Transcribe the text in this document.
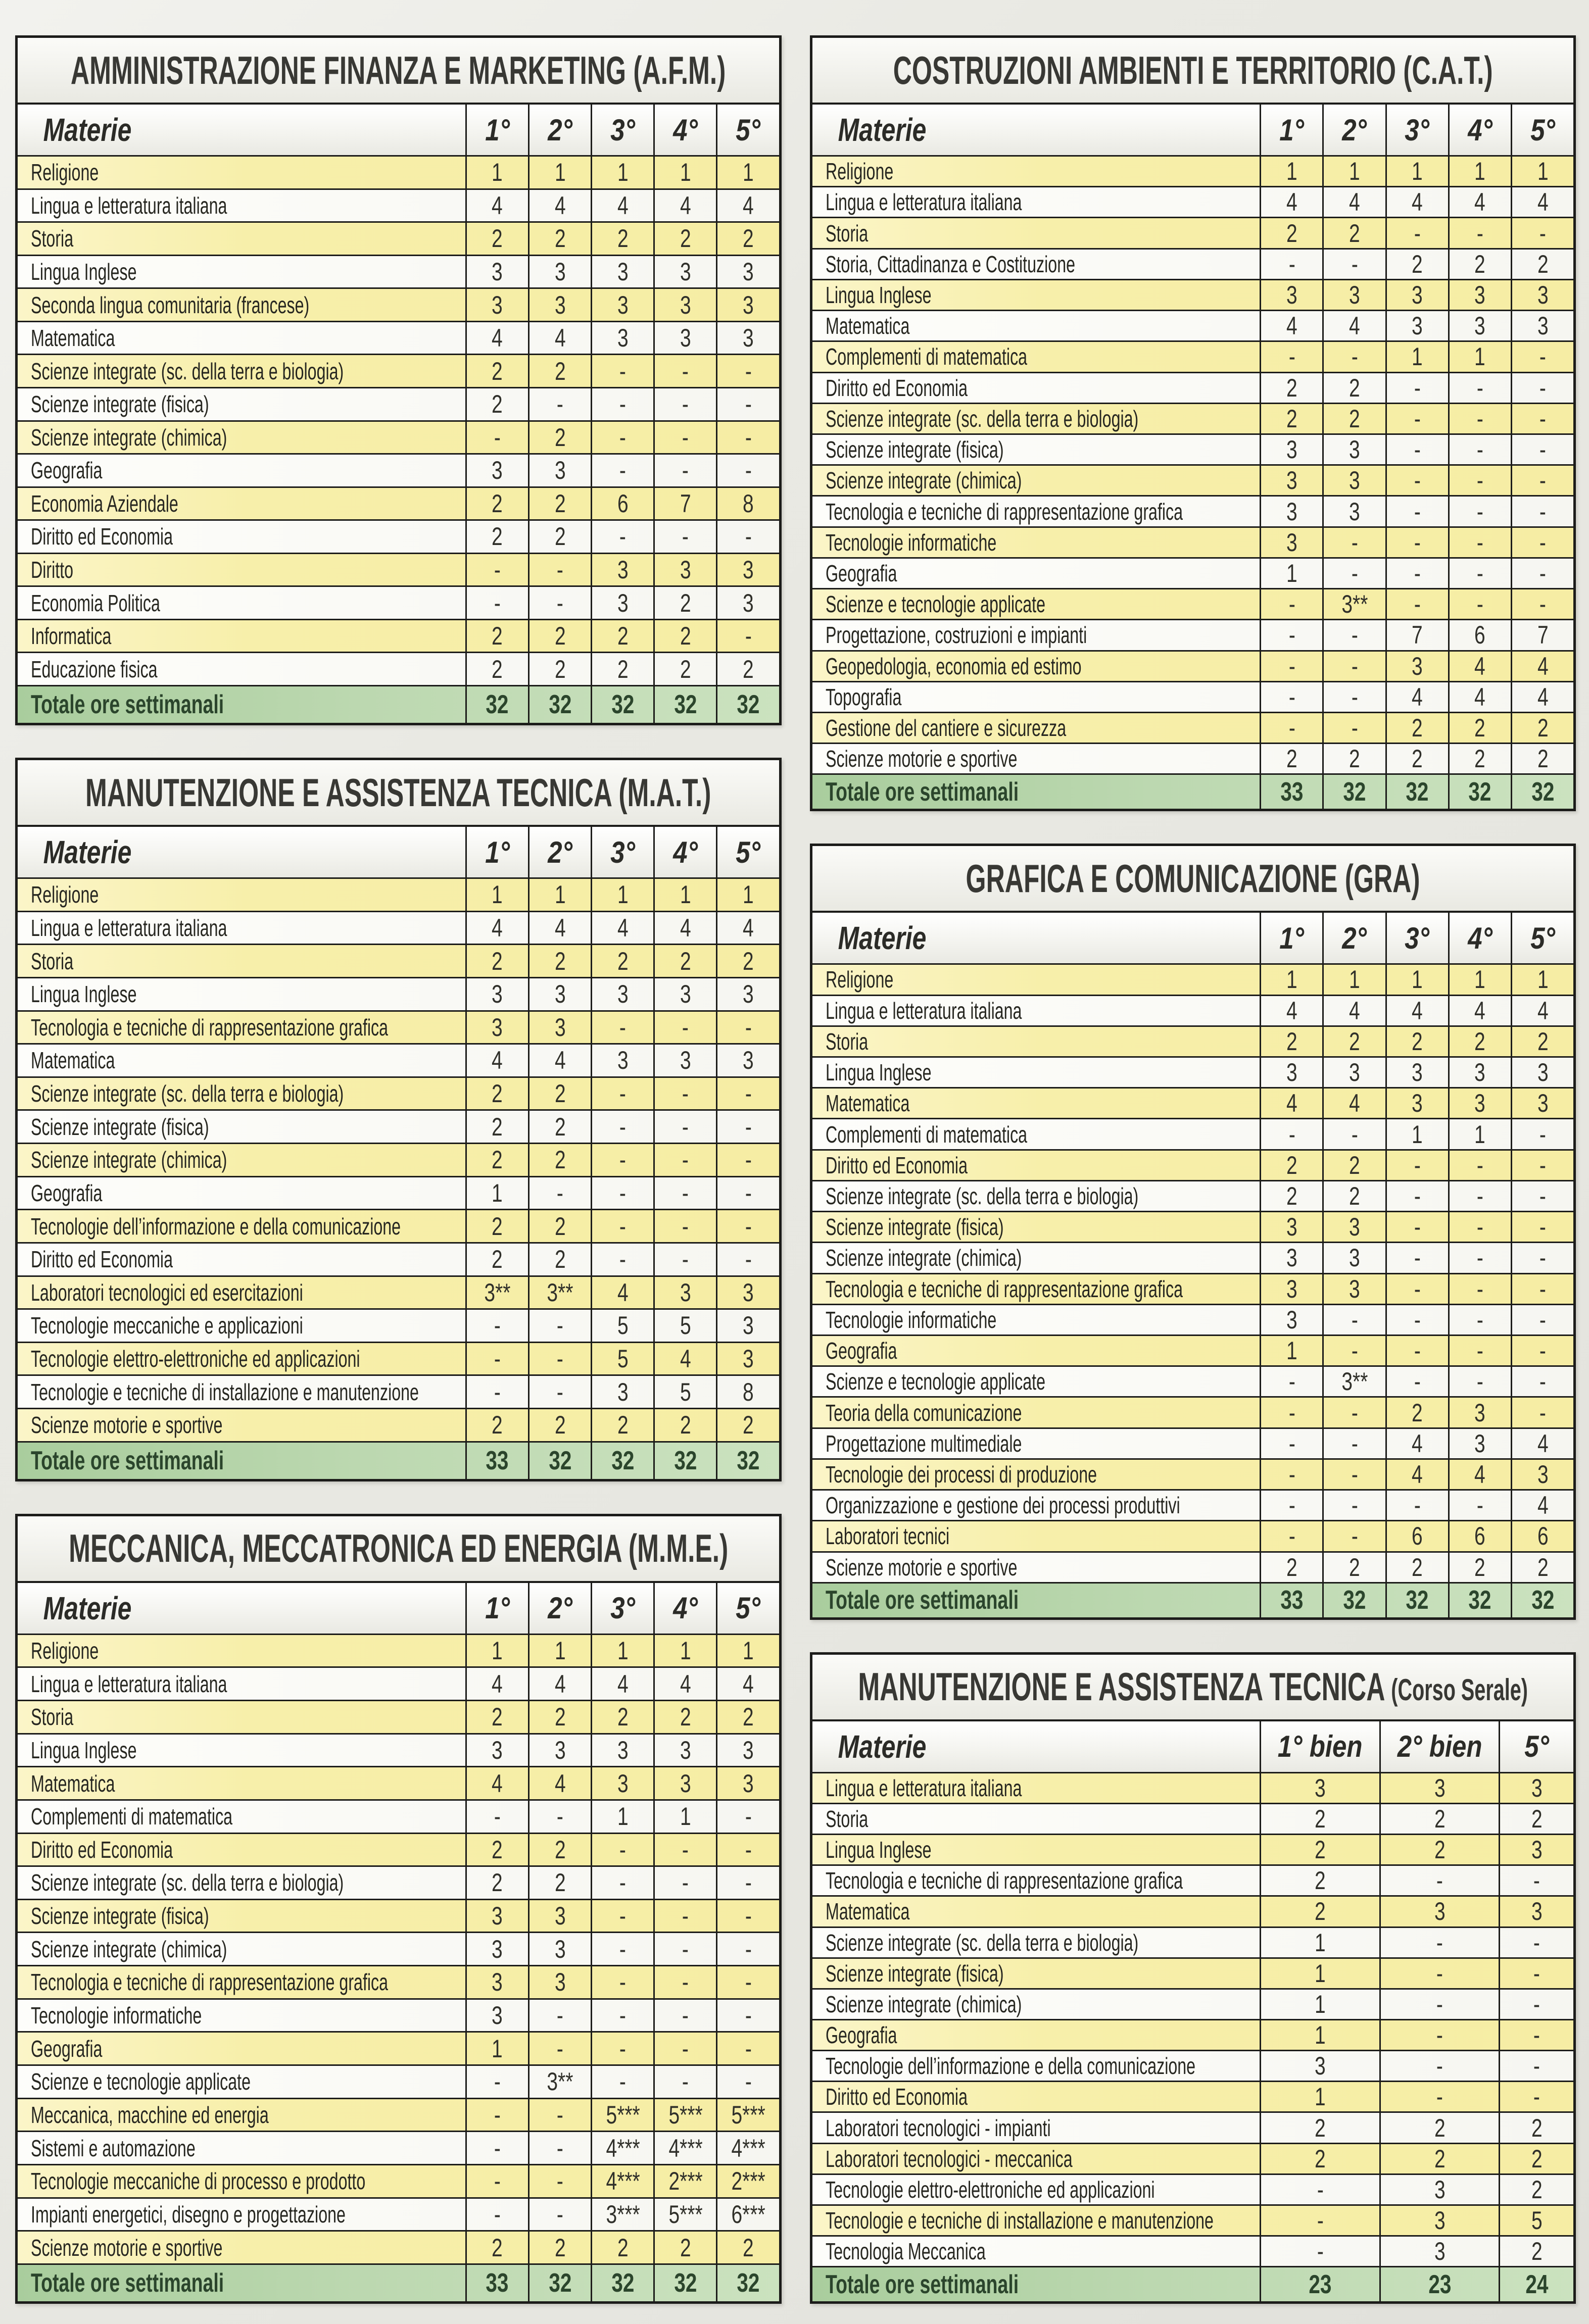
AMMINISTRAZIONE FINANZA E MARKETING (A.F.M.)
Materie	1° 2° 3° 4° 5°
Religione	1 1 1 1 1
Lingua e letteratura italiana	4 4 4 4 4
Storia	2 2 2 2 2
Lingua Inglese	3 3 3 3 3
Seconda lingua comunitaria (francese)	3 3 3 3 3
Matematica	4 4 3 3 3
Scienze integrate (sc. della terra e biologia)	2 2 - - -
Scienze integrate (fisica)	2 - - - -
Scienze integrate (chimica)	- 2 - - -
Geografia	3 3 - - -
Economia Aziendale	2 2 6 7 8
Diritto ed Economia	2 2 - - -
Diritto	- - 3 3 3
Economia Politica	- - 3 2 3
Informatica	2 2 2 2 -
Educazione fisica	2 2 2 2 2
Totale ore settimanali	32 32 32 32 32
MANUTENZIONE E ASSISTENZA TECNICA (M.A.T.)
Materie	1° 2° 3° 4° 5°
Religione	1 1 1 1 1
Lingua e letteratura italiana	4 4 4 4 4
Storia	2 2 2 2 2
Lingua Inglese	3 3 3 3 3
Tecnologia e tecniche di rappresentazione grafica	3 3 - - -
Matematica	4 4 3 3 3
Scienze integrate (sc. della terra e biologia)	2 2 - - -
Scienze integrate (fisica)	2 2 - - -
Scienze integrate (chimica)	2 2 - - -
Geografia	1 - - - -
Tecnologie dell’informazione e della comunicazione	2 2 - - -
Diritto ed Economia	2 2 - - -
Laboratori tecnologici ed esercitazioni	3** 3** 4 3 3
Tecnologie meccaniche e applicazioni	- - 5 5 3
Tecnologie elettro-elettroniche ed applicazioni	- - 5 4 3
Tecnologie e tecniche di installazione e manutenzione	- - 3 5 8
Scienze motorie e sportive	2 2 2 2 2
Totale ore settimanali	33 32 32 32 32
MECCANICA, MECCATRONICA ED ENERGIA (M.M.E.)
Materie	1° 2° 3° 4° 5°
Religione	1 1 1 1 1
Lingua e letteratura italiana	4 4 4 4 4
Storia	2 2 2 2 2
Lingua Inglese	3 3 3 3 3
Matematica	4 4 3 3 3
Complementi di matematica	- - 1 1 -
Diritto ed Economia	2 2 - - -
Scienze integrate (sc. della terra e biologia)	2 2 - - -
Scienze integrate (fisica)	3 3 - - -
Scienze integrate (chimica)	3 3 - - -
Tecnologia e tecniche di rappresentazione grafica	3 3 - - -
Tecnologie informatiche	3 - - - -
Geografia	1 - - - -
Scienze e tecnologie applicate	- 3** - - -
Meccanica, macchine ed energia	- - 5*** 5*** 5***
Sistemi e automazione	- - 4*** 4*** 4***
Tecnologie meccaniche di processo e prodotto	- - 4*** 2*** 2***
Impianti energetici, disegno e progettazione	- - 3*** 5*** 6***
Scienze motorie e sportive	2 2 2 2 2
Totale ore settimanali	33 32 32 32 32
COSTRUZIONI AMBIENTI E TERRITORIO (C.A.T.)
Materie	1° 2° 3° 4° 5°
Religione	1 1 1 1 1
Lingua e letteratura italiana	4 4 4 4 4
Storia	2 2 - - -
Storia, Cittadinanza e Costituzione	- - 2 2 2
Lingua Inglese	3 3 3 3 3
Matematica	4 4 3 3 3
Complementi di matematica	- - 1 1 -
Diritto ed Economia	2 2 - - -
Scienze integrate (sc. della terra e biologia)	2 2 - - -
Scienze integrate (fisica)	3 3 - - -
Scienze integrate (chimica)	3 3 - - -
Tecnologia e tecniche di rappresentazione grafica	3 3 - - -
Tecnologie informatiche	3 - - - -
Geografia	1 - - - -
Scienze e tecnologie applicate	- 3** - - -
Progettazione, costruzioni e impianti	- - 7 6 7
Geopedologia, economia ed estimo	- - 3 4 4
Topografia	- - 4 4 4
Gestione del cantiere e sicurezza	- - 2 2 2
Scienze motorie e sportive	2 2 2 2 2
Totale ore settimanali	33 32 32 32 32
GRAFICA E COMUNICAZIONE (GRA)
Materie	1° 2° 3° 4° 5°
Religione	1 1 1 1 1
Lingua e letteratura italiana	4 4 4 4 4
Storia	2 2 2 2 2
Lingua Inglese	3 3 3 3 3
Matematica	4 4 3 3 3
Complementi di matematica	- - 1 1 -
Diritto ed Economia	2 2 - - -
Scienze integrate (sc. della terra e biologia)	2 2 - - -
Scienze integrate (fisica)	3 3 - - -
Scienze integrate (chimica)	3 3 - - -
Tecnologia e tecniche di rappresentazione grafica	3 3 - - -
Tecnologie informatiche	3 - - - -
Geografia	1 - - - -
Scienze e tecnologie applicate	- 3** - - -
Teoria della comunicazione	- - 2 3 -
Progettazione multimediale	- - 4 3 4
Tecnologie dei processi di produzione	- - 4 4 3
Organizzazione e gestione dei processi produttivi	- - - - 4
Laboratori tecnici	- - 6 6 6
Scienze motorie e sportive	2 2 2 2 2
Totale ore settimanali	33 32 32 32 32
MANUTENZIONE E ASSISTENZA TECNICA (Corso Serale)
Materie	1° bien 2° bien 5°
Lingua e letteratura italiana	3	3	3
Storia	2	2	2
Lingua Inglese	2	2	3
Tecnologia e tecniche di rappresentazione grafica	2	-	-
Matematica	2	3	3
Scienze integrate (sc. della terra e biologia)	1	-	-
Scienze integrate (fisica)	1	-	-
Scienze integrate (chimica)	1	-	-
Geografia	1	-	-
Tecnologie dell’informazione e della comunicazione	3	-	-
Diritto ed Economia	1	-	-
Laboratori tecnologici - impianti	2	2	2
Laboratori tecnologici - meccanica	2	2	2
Tecnologie elettro-elettroniche ed applicazioni	-	3	2
Tecnologie e tecniche di installazione e manutenzione	-	3	5
Tecnologia Meccanica	-	3	2
Totale ore settimanali	23	23	24
